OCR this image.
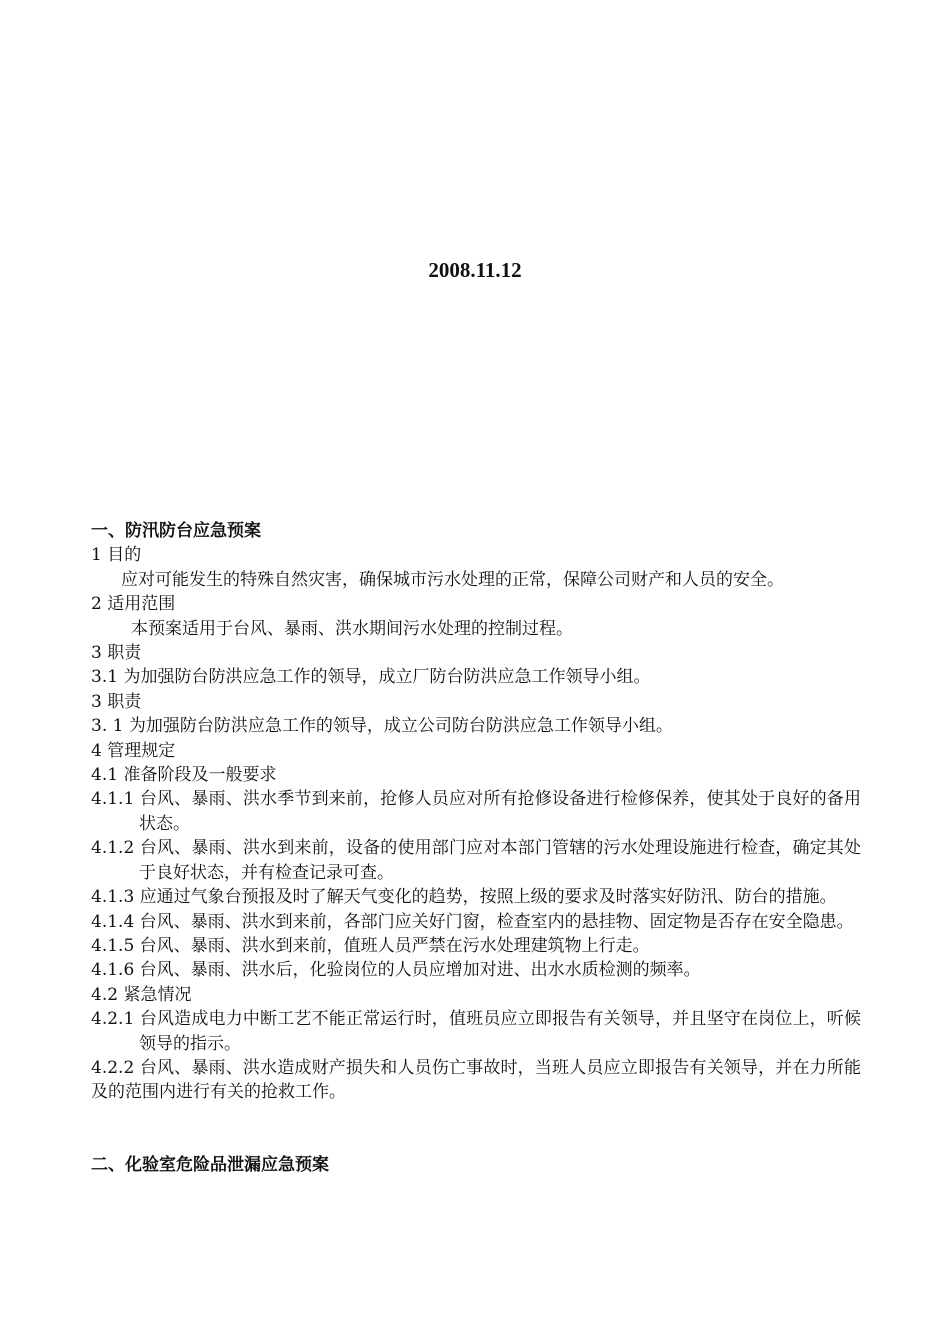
2008.11.12
一、防汛防台应急预案
1 目的
应对可能发生的特殊自然灾害，确保城市污水处理的正常，保障公司财产和人员的安全。
2 适用范围
本预案适用于台风、暴雨、洪水期间污水处理的控制过程。
3 职责
3.1 为加强防台防洪应急工作的领导，成立厂防台防洪应急工作领导小组。
3 职责
3. 1 为加强防台防洪应急工作的领导，成立公司防台防洪应急工作领导小组。
4 管理规定
4.1 准备阶段及一般要求
4.1.1 台风、暴雨、洪水季节到来前，抢修人员应对所有抢修设备进行检修保养，使其处于良好的备用状态。
4.1.2 台风、暴雨、洪水到来前，设备的使用部门应对本部门管辖的污水处理设施进行检查，确定其处于良好状态，并有检查记录可查。
4.1.3 应通过气象台预报及时了解天气变化的趋势，按照上级的要求及时落实好防汛、防台的措施。
4.1.4 台风、暴雨、洪水到来前，各部门应关好门窗，检查室内的悬挂物、固定物是否存在安全隐患。
4.1.5 台风、暴雨、洪水到来前，值班人员严禁在污水处理建筑物上行走。
4.1.6 台风、暴雨、洪水后，化验岗位的人员应增加对进、出水水质检测的频率。
4.2 紧急情况
4.2.1 台风造成电力中断工艺不能正常运行时，值班员应立即报告有关领导，并且坚守在岗位上，听候领导的指示。
4.2.2 台风、暴雨、洪水造成财产损失和人员伤亡事故时，当班人员应立即报告有关领导，并在力所能及的范围内进行有关的抢救工作。
二、化验室危险品泄漏应急预案
